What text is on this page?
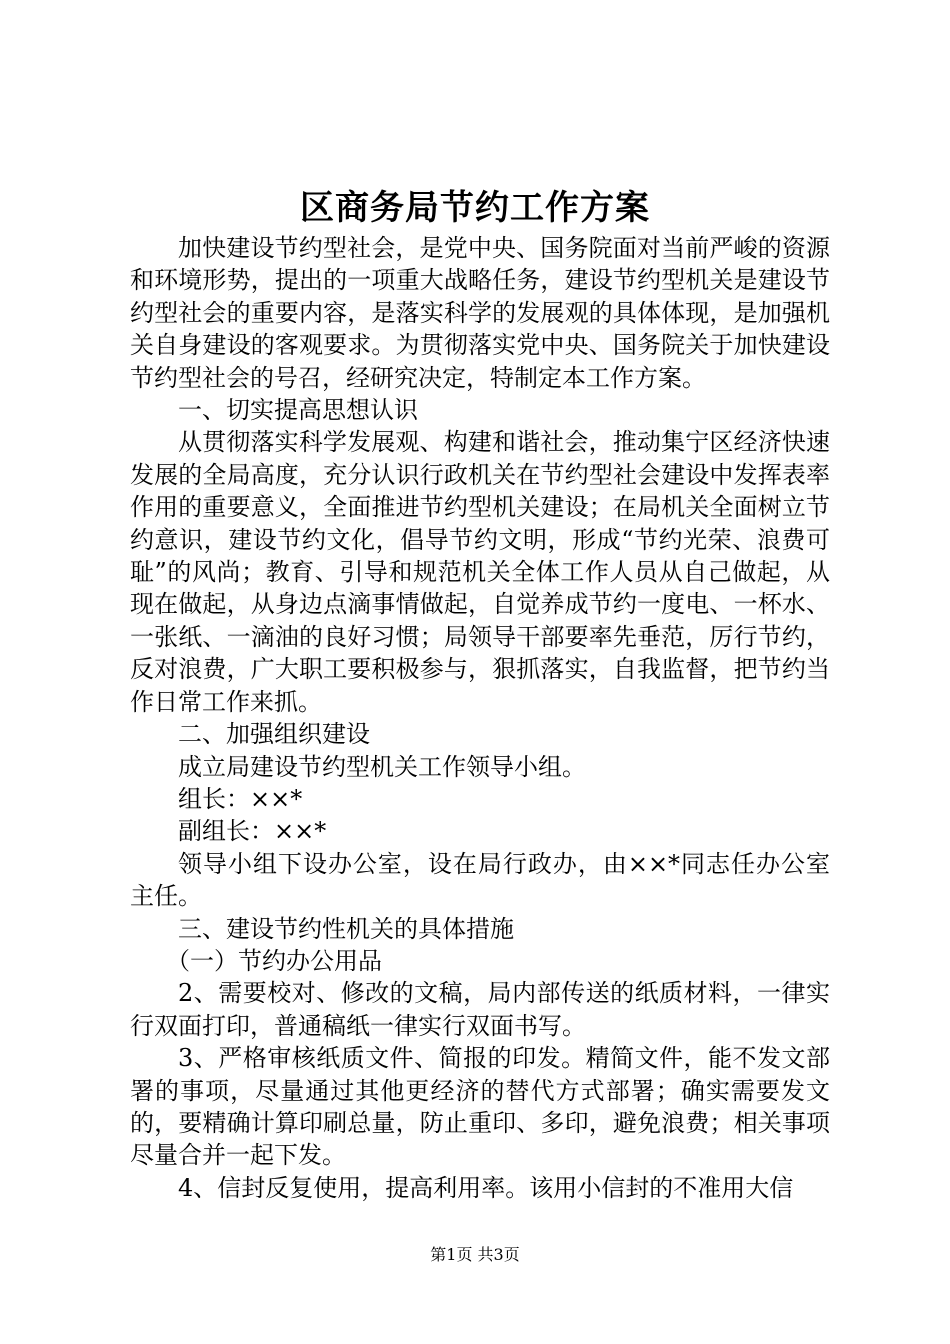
区商务局节约工作方案

加快建设节约型社会，是党中央、国务院面对当前严峻的资源和环境形势，提出的一项重大战略任务，建设节约型机关是建设节约型社会的重要内容，是落实科学的发展观的具体体现，是加强机关自身建设的客观要求。为贯彻落实党中央、国务院关于加快建设节约型社会的号召，经研究决定，特制定本工作方案。

一、切实提高思想认识

从贯彻落实科学发展观、构建和谐社会，推动集宁区经济快速发展的全局高度，充分认识行政机关在节约型社会建设中发挥表率作用的重要意义，全面推进节约型机关建设；在局机关全面树立节约意识，建设节约文化，倡导节约文明，形成“节约光荣、浪费可耻”的风尚；教育、引导和规范机关全体工作人员从自己做起，从现在做起，从身边点滴事情做起，自觉养成节约一度电、一杯水、一张纸、一滴油的良好习惯；局领导干部要率先垂范，厉行节约，反对浪费，广大职工要积极参与，狠抓落实，自我监督，把节约当作日常工作来抓。

二、加强组织建设

成立局建设节约型机关工作领导小组。

组长：××*

副组长：××*

领导小组下设办公室，设在局行政办，由××*同志任办公室主任。

三、建设节约性机关的具体措施

（一）节约办公用品

2、需要校对、修改的文稿，局内部传送的纸质材料，一律实行双面打印，普通稿纸一律实行双面书写。

3、严格审核纸质文件、简报的印发。精简文件，能不发文部署的事项，尽量通过其他更经济的替代方式部署；确实需要发文的，要精确计算印刷总量，防止重印、多印，避免浪费；相关事项尽量合并一起下发。

4、信封反复使用，提高利用率。该用小信封的不准用大信

第1页 共3页
